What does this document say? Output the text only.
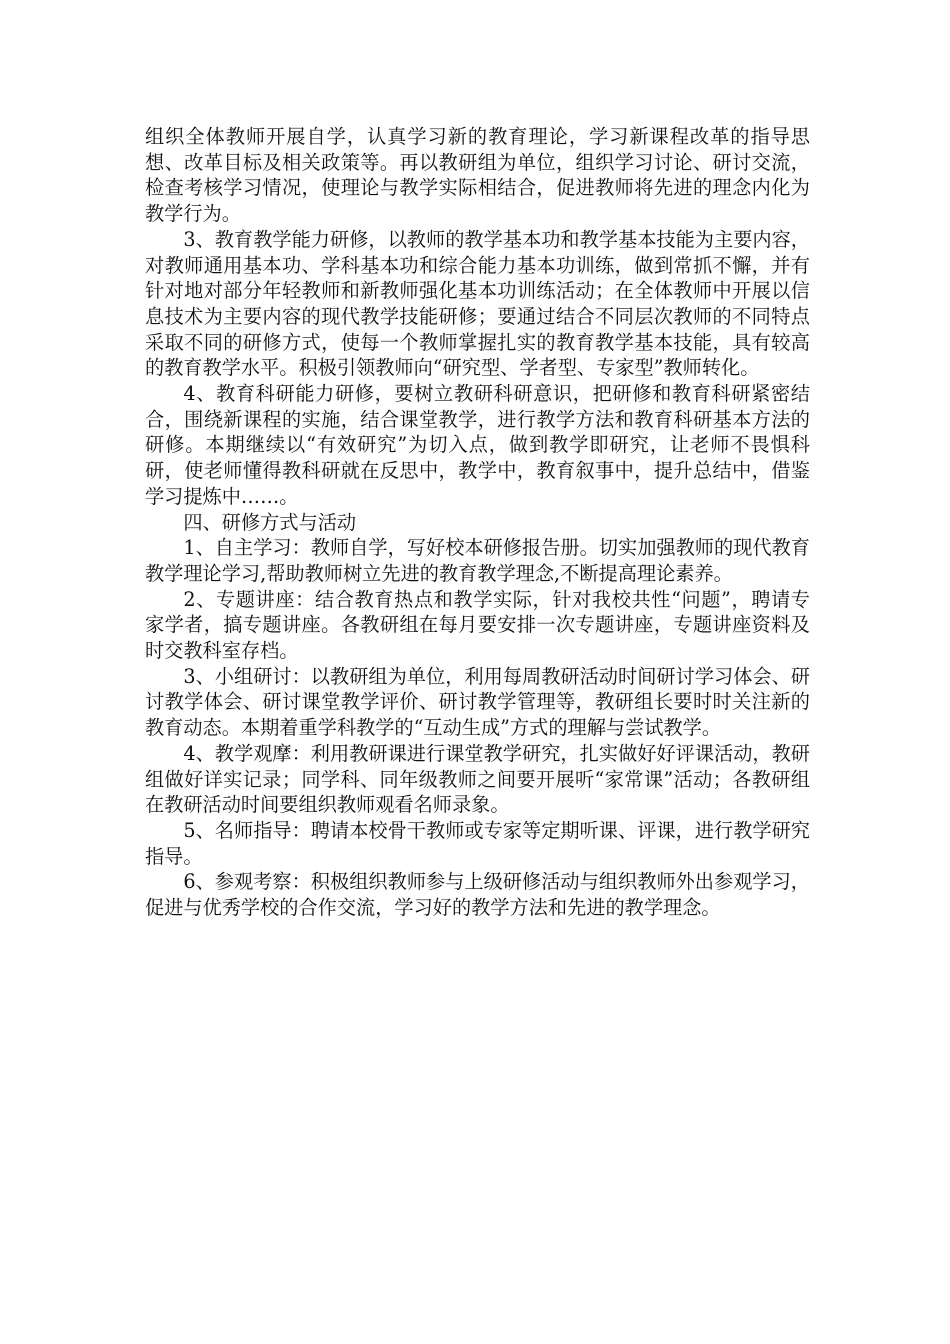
组织全体教师开展自学，认真学习新的教育理论，学习新课程改革的指导思想、改革目标及相关政策等。再以教研组为单位，组织学习讨论、研讨交流，检查考核学习情况，使理论与教学实际相结合，促进教师将先进的理念内化为教学行为。

3、教育教学能力研修，以教师的教学基本功和教学基本技能为主要内容，对教师通用基本功、学科基本功和综合能力基本功训练，做到常抓不懈，并有针对地对部分年轻教师和新教师强化基本功训练活动；在全体教师中开展以信息技术为主要内容的现代教学技能研修；要通过结合不同层次教师的不同特点采取不同的研修方式，使每一个教师掌握扎实的教育教学基本技能，具有较高的教育教学水平。积极引领教师向“研究型、学者型、专家型”教师转化。

4、教育科研能力研修，要树立教研科研意识，把研修和教育科研紧密结合，围绕新课程的实施，结合课堂教学，进行教学方法和教育科研基本方法的研修。本期继续以“有效研究”为切入点，做到教学即研究，让老师不畏惧科研，使老师懂得教科研就在反思中，教学中，教育叙事中，提升总结中，借鉴学习提炼中……。

四、研修方式与活动

1、自主学习：教师自学，写好校本研修报告册。切实加强教师的现代教育教学理论学习,帮助教师树立先进的教育教学理念,不断提高理论素养。

2、专题讲座：结合教育热点和教学实际，针对我校共性“问题”，聘请专家学者，搞专题讲座。各教研组在每月要安排一次专题讲座，专题讲座资料及时交教科室存档。

3、小组研讨：以教研组为单位，利用每周教研活动时间研讨学习体会、研讨教学体会、研讨课堂教学评价、研讨教学管理等，教研组长要时时关注新的教育动态。本期着重学科教学的“互动生成”方式的理解与尝试教学。

4、教学观摩：利用教研课进行课堂教学研究，扎实做好好评课活动，教研组做好详实记录；同学科、同年级教师之间要开展听“家常课”活动；各教研组在教研活动时间要组织教师观看名师录象。

5、名师指导：聘请本校骨干教师或专家等定期听课、评课，进行教学研究指导。

6、参观考察：积极组织教师参与上级研修活动与组织教师外出参观学习，促进与优秀学校的合作交流，学习好的教学方法和先进的教学理念。
